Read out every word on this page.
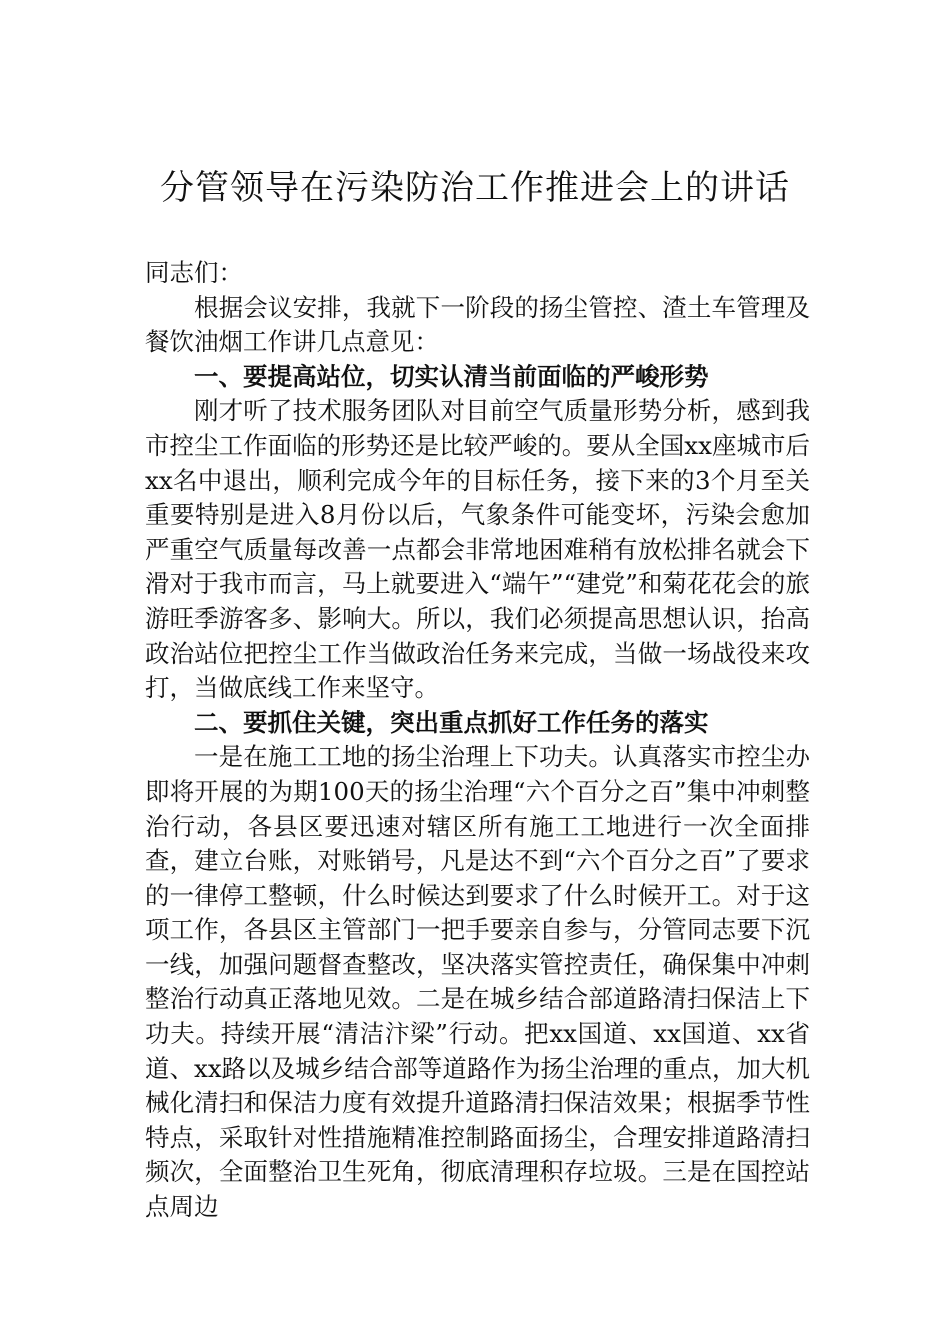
分管领导在污染防治工作推进会上的讲话

同志们：

根据会议安排，我就下一阶段的扬尘管控、渣土车管理及餐饮油烟工作讲几点意见：

一、要提高站位，切实认清当前面临的严峻形势

刚才听了技术服务团队对目前空气质量形势分析，感到我市控尘工作面临的形势还是比较严峻的。要从全国xx座城市后xx名中退出，顺利完成今年的目标任务，接下来的3个月至关重要特别是进入8月份以后，气象条件可能变坏，污染会愈加严重空气质量每改善一点都会非常地困难稍有放松排名就会下滑对于我市而言，马上就要进入“端午”“建党”和菊花花会的旅游旺季游客多、影响大。所以，我们必须提高思想认识，抬高政治站位把控尘工作当做政治任务来完成，当做一场战役来攻打，当做底线工作来坚守。

二、要抓住关键，突出重点抓好工作任务的落实

一是在施工工地的扬尘治理上下功夫。认真落实市控尘办即将开展的为期100天的扬尘治理“六个百分之百”集中冲刺整治行动，各县区要迅速对辖区所有施工工地进行一次全面排查，建立台账，对账销号，凡是达不到“六个百分之百”了要求的一律停工整顿，什么时候达到要求了什么时候开工。对于这项工作，各县区主管部门一把手要亲自参与，分管同志要下沉一线，加强问题督查整改，坚决落实管控责任，确保集中冲刺整治行动真正落地见效。二是在城乡结合部道路清扫保洁上下功夫。持续开展“清洁汴梁”行动。把xx国道、xx国道、xx省道、xx路以及城乡结合部等道路作为扬尘治理的重点，加大机械化清扫和保洁力度有效提升道路清扫保洁效果；根据季节性特点，采取针对性措施精准控制路面扬尘，合理安排道路清扫频次，全面整治卫生死角，彻底清理积存垃圾。三是在国控站点周边
